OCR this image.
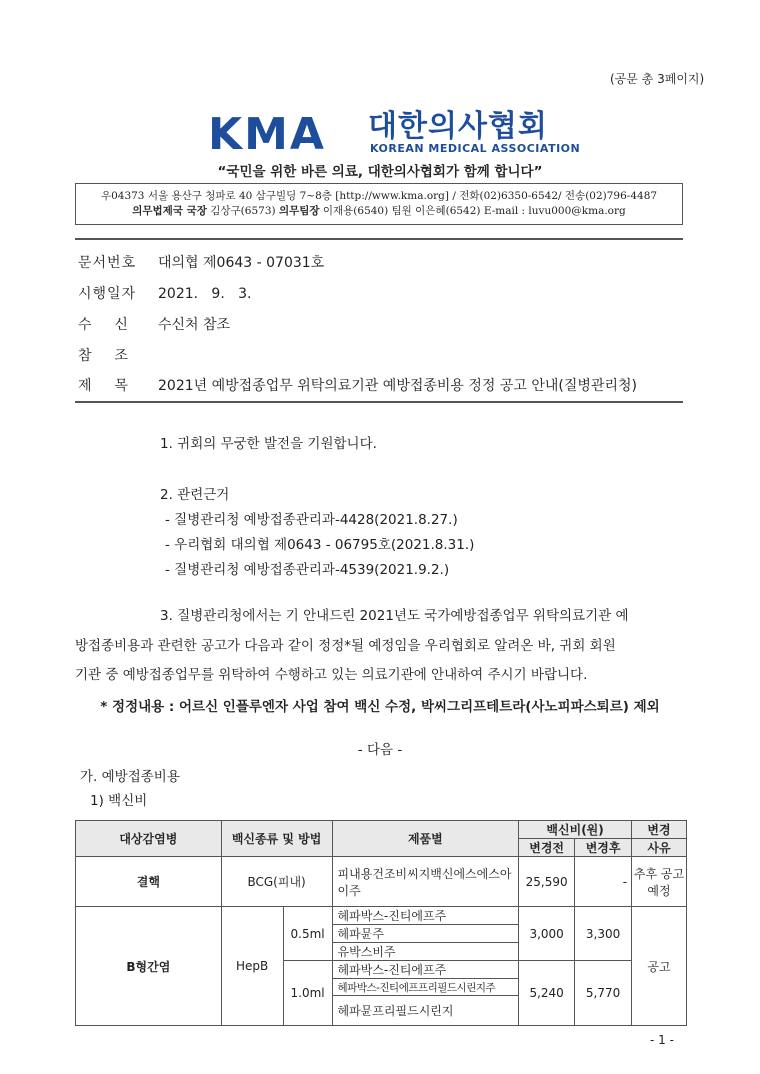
(공문 총 3페이지)
KMA 대한의사협회
KOREAN MEDICAL ASSOCIATION
“국민을 위한 바른 의료, 대한의사협회가 함께 합니다”
우04373 서울 용산구 청파로 40 삼구빌딩 7~8층 [http://www.kma.org] / 전화(02)6350-6542/ 전송(02)796-4487
의무법제국 국장 김상구(6573) 의무팀장 이재용(6540) 팀원 이은혜(6542) E-mail : luvu000@kma.org
문서번호 대의협 제0643 - 07031호
시행일자 2021.   9.   3.
수    신 수신처 참조
참    조
제    목 2021년 예방접종업무 위탁의료기관 예방접종비용 정정 공고 안내(질병관리청)
1. 귀회의 무궁한 발전을 기원합니다.
2. 관련근거
- 질병관리청 예방접종관리과-4428(2021.8.27.)
- 우리협회 대의협 제0643 - 06795호(2021.8.31.)
- 질병관리청 예방접종관리과-4539(2021.9.2.)
3. 질병관리청에서는 기 안내드린 2021년도 국가예방접종업무 위탁의료기관 예
방접종비용과 관련한 공고가 다음과 같이 정정*될 예정임을 우리협회로 알려온 바, 귀회 회원
기관 중 예방접종업무를 위탁하여 수행하고 있는 의료기관에 안내하여 주시기 바랍니다.
* 정정내용 : 어르신 인플루엔자 사업 참여 백신 수정, 박씨그리프테트라(사노피파스퇴르) 제외
- 다음 -
가. 예방접종비용
1) 백신비
대상감염병	백신종류 및 방법		제품별	백신비(원)		변경
				변경전	변경후	사유
결핵	BCG(피내)		피내용건조비씨지백신에스에스아이주	25,590	-	추후 공고 예정
B형간염	HepB	0.5ml	헤파박스-진티에프주	3,000	3,300	공고
			헤파뮨주			
			유박스비주			
		1.0ml	헤파박스-진티에프주	5,240	5,770	
			헤파박스-진티에프프리필드시린지주			
			헤파뮨프리필드시린지			
- 1 -
